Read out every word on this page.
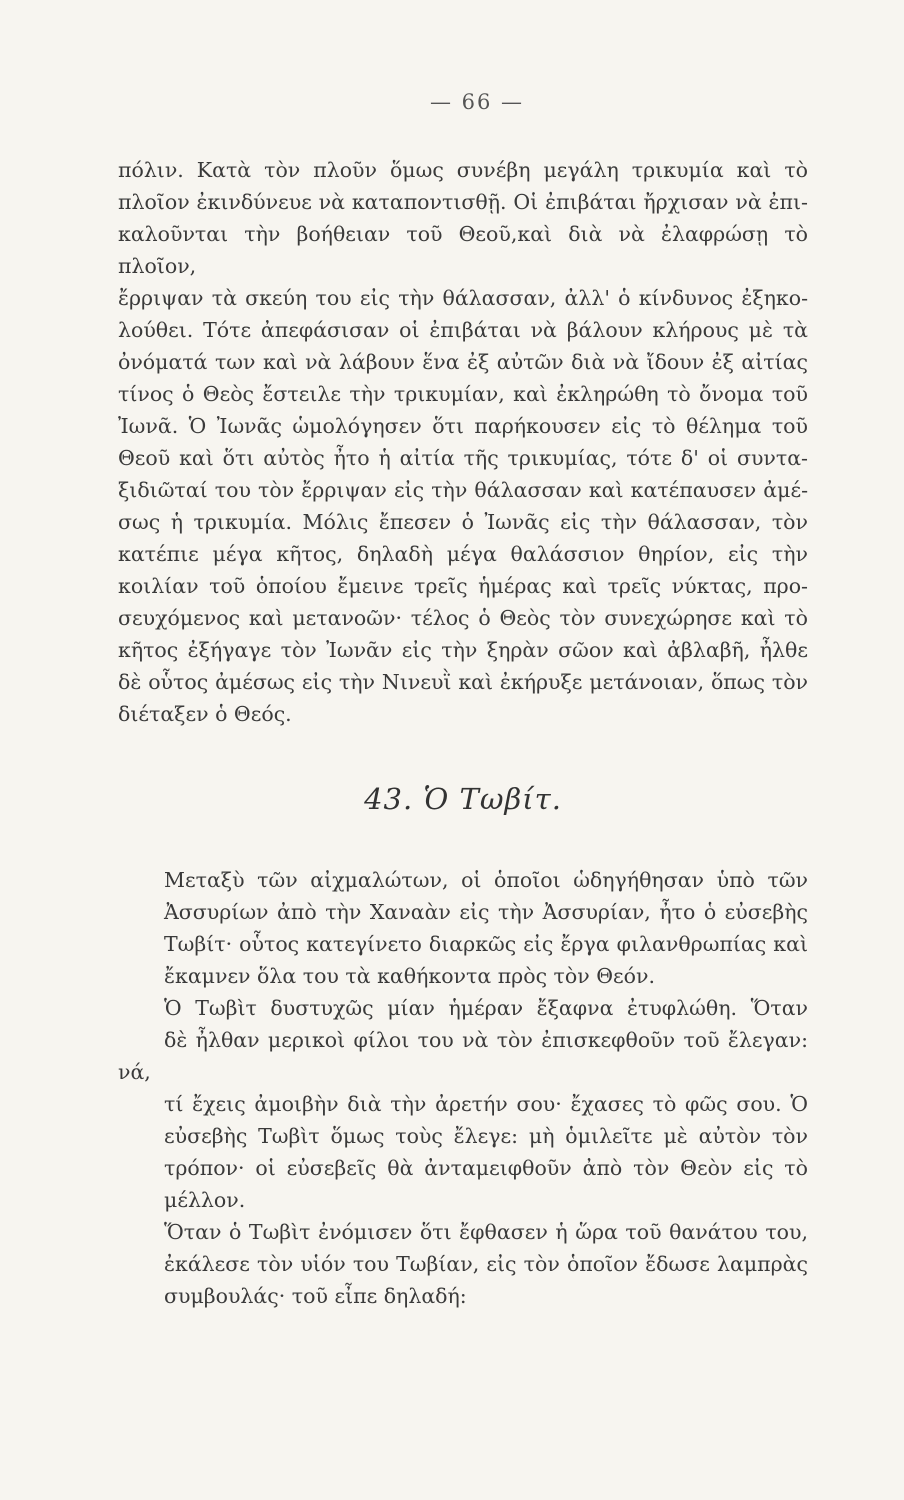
— 66 —

πόλιν. Κατὰ τὸν πλοῦν ὅμως συνέβη μεγάλη τρικυμία καὶ τὸ
πλοῖον ἐκινδύνευε νὰ καταποντισθῇ. Οἱ ἐπιβάται ἤρχισαν νὰ ἐπι-
καλοῦνται τὴν βοήθειαν τοῦ Θεοῦ,καὶ διὰ νὰ ἐλαφρώσῃ τὸ πλοῖον,
ἔρριψαν τὰ σκεύη του εἰς τὴν θάλασσαν, ἀλλ' ὁ κίνδυνος ἐξηκο-
λούθει. Τότε ἀπεφάσισαν οἱ ἐπιβάται νὰ βάλουν κλήρους μὲ τὰ
ὀνόματά των καὶ νὰ λάβουν ἕνα ἐξ αὐτῶν διὰ νὰ ἴδουν ἐξ αἰτίας
τίνος ὁ Θεὸς ἔστειλε τὴν τρικυμίαν, καὶ ἐκληρώθη τὸ ὄνομα τοῦ
Ἰωνᾶ. Ὁ Ἰωνᾶς ὡμολόγησεν ὅτι παρήκουσεν εἰς τὸ θέλημα τοῦ
Θεοῦ καὶ ὅτι αὐτὸς ἦτο ἡ αἰτία τῆς τρικυμίας, τότε δ' οἱ συντα-
ξιδιῶταί του τὸν ἔρριψαν εἰς τὴν θάλασσαν καὶ κατέπαυσεν ἀμέ-
σως ἡ τρικυμία. Μόλις ἔπεσεν ὁ Ἰωνᾶς εἰς τὴν θάλασσαν, τὸν
κατέπιε μέγα κῆτος, δηλαδὴ μέγα θαλάσσιον θηρίον, εἰς τὴν
κοιλίαν τοῦ ὁποίου ἔμεινε τρεῖς ἡμέρας καὶ τρεῖς νύκτας, προ-
σευχόμενος καὶ μετανοῶν· τέλος ὁ Θεὸς τὸν συνεχώρησε καὶ τὸ
κῆτος ἐξήγαγε τὸν Ἰωνᾶν εἰς τὴν ξηρὰν σῶον καὶ ἀβλαβῆ, ἦλθε
δὲ οὗτος ἀμέσως εἰς τὴν Νινευῒ καὶ ἐκήρυξε μετάνοιαν, ὅπως τὸν
διέταξεν ὁ Θεός.

43. Ὁ Τωβίτ.

Μεταξὺ τῶν αἰχμαλώτων, οἱ ὁποῖοι ὡδηγήθησαν ὑπὸ τῶν
Ἀσσυρίων ἀπὸ τὴν Χαναὰν εἰς τὴν Ἀσσυρίαν, ἦτο ὁ εὐσεβὴς
Τωβίτ· οὗτος κατεγίνετο διαρκῶς εἰς ἔργα φιλανθρωπίας καὶ
ἔκαμνεν ὅλα του τὰ καθήκοντα πρὸς τὸν Θεόν.

Ὁ Τωβὶτ δυστυχῶς μίαν ἡμέραν ἔξαφνα ἐτυφλώθη. Ὅταν
δὲ ἦλθαν μερικοὶ φίλοι του νὰ τὸν ἐπισκεφθοῦν τοῦ ἔλεγαν: νά,
τί ἔχεις ἀμοιβὴν διὰ τὴν ἀρετήν σου· ἔχασες τὸ φῶς σου. Ὁ
εὐσεβὴς Τωβὶτ ὅμως τοὺς ἔλεγε: μὴ ὁμιλεῖτε μὲ αὐτὸν τὸν
τρόπον· οἱ εὐσεβεῖς θὰ ἀνταμειφθοῦν ἀπὸ τὸν Θεὸν εἰς τὸ
μέλλον.

Ὅταν ὁ Τωβὶτ ἐνόμισεν ὅτι ἔφθασεν ἡ ὥρα τοῦ θανάτου του,
ἐκάλεσε τὸν υἱόν του Τωβίαν, εἰς τὸν ὁποῖον ἔδωσε λαμπρὰς
συμβουλάς· τοῦ εἶπε δηλαδή:
